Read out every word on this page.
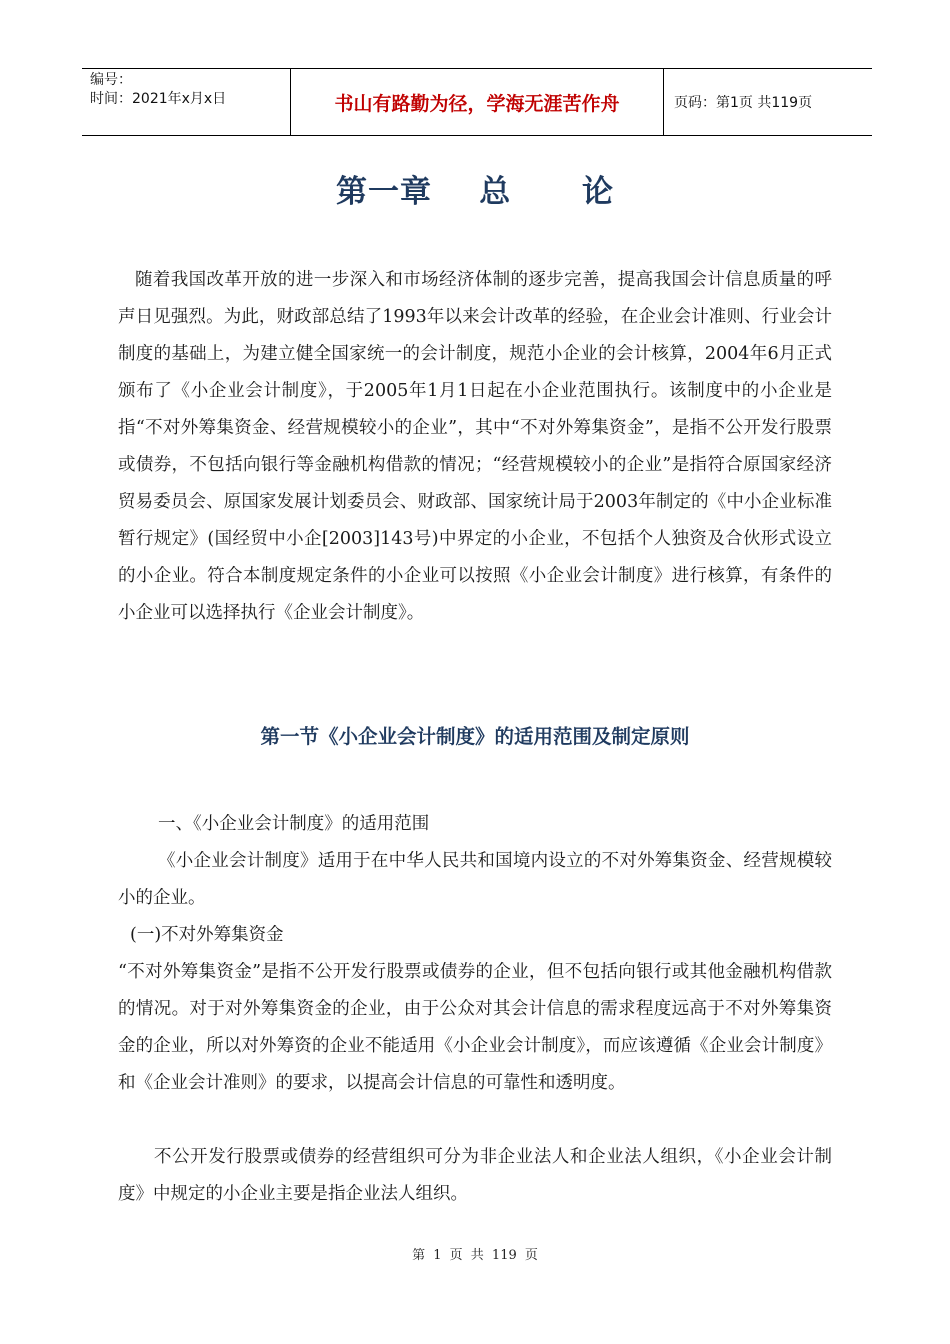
编号：
时间：2021年x月x日	书山有路勤为径，学海无涯苦作舟	页码：第1页 共119页
第一章    总      论

随着我国改革开放的进一步深入和市场经济体制的逐步完善，提高我国会计信息质量的呼声日见强烈。为此，财政部总结了1993年以来会计改革的经验，在企业会计准则、行业会计制度的基础上，为建立健全国家统一的会计制度，规范小企业的会计核算，2004年6月正式颁布了《小企业会计制度》，于2005年1月1日起在小企业范围执行。该制度中的小企业是指“不对外筹集资金、经营规模较小的企业”，其中“不对外筹集资金”，是指不公开发行股票或债券，不包括向银行等金融机构借款的情况；“经营规模较小的企业”是指符合原国家经济贸易委员会、原国家发展计划委员会、财政部、国家统计局于2003年制定的《中小企业标准暂行规定》(国经贸中小企[2003]143号)中界定的小企业，不包括个人独资及合伙形式设立的小企业。符合本制度规定条件的小企业可以按照《小企业会计制度》进行核算，有条件的小企业可以选择执行《企业会计制度》。

第一节《小企业会计制度》的适用范围及制定原则
一、《小企业会计制度》的适用范围

《小企业会计制度》适用于在中华人民共和国境内设立的不对外筹集资金、经营规模较小的企业。

(一)不对外筹集资金

“不对外筹集资金”是指不公开发行股票或债券的企业，但不包括向银行或其他金融机构借款的情况。对于对外筹集资金的企业，由于公众对其会计信息的需求程度远高于不对外筹集资金的企业，所以对外筹资的企业不能适用《小企业会计制度》，而应该遵循《企业会计制度》和《企业会计准则》的要求，以提高会计信息的可靠性和透明度。

不公开发行股票或债券的经营组织可分为非企业法人和企业法人组织，《小企业会计制度》中规定的小企业主要是指企业法人组织。

第 1 页 共 119 页
